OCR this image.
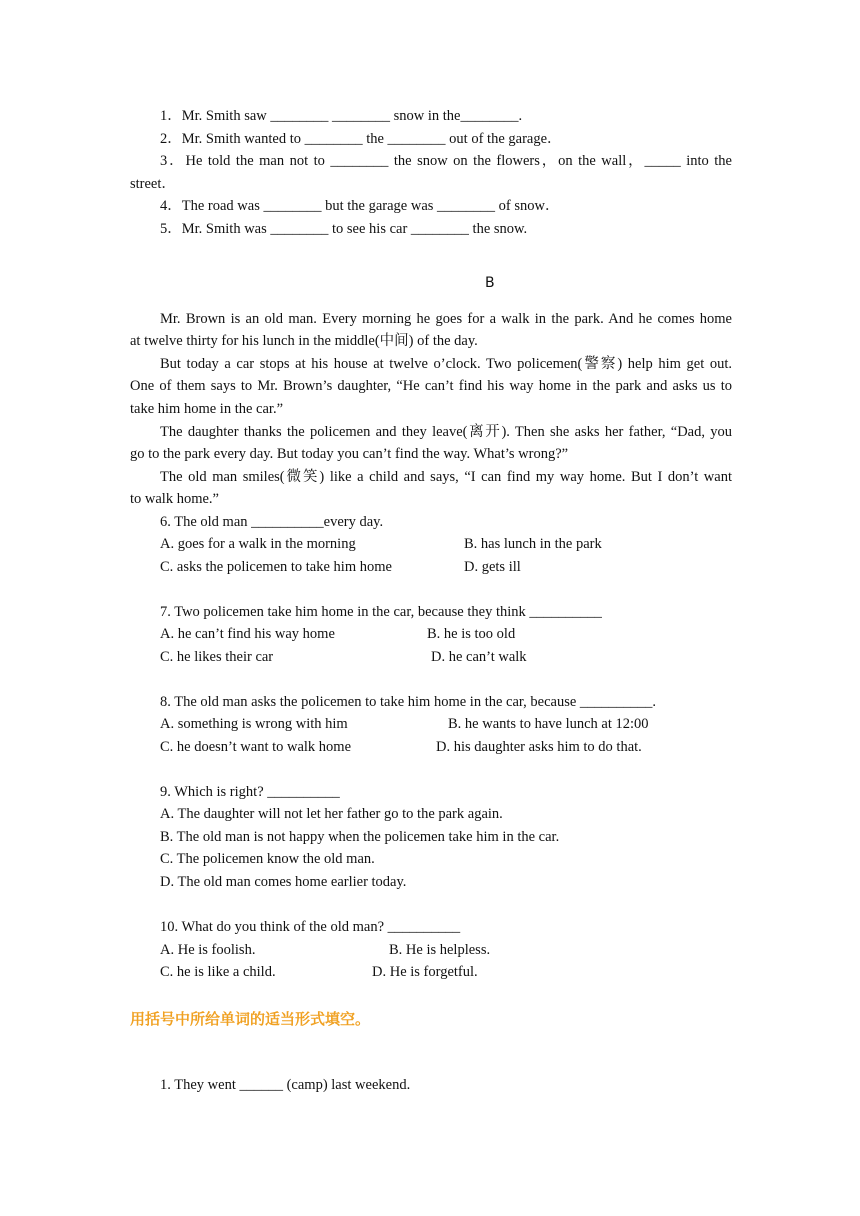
1．Mr. Smith saw ________ ________ snow in the________.
2．Mr. Smith wanted to ________ the ________ out of the garage．
3．He told the man not to ________ the snow on the flowers，on the wall，_____ into the
street．
4．The road was ________ but the garage was ________ of snow．
5．Mr. Smith was ________ to see his car ________ the snow.
B
Mr. Brown is an old man. Every morning he goes for a walk in the park. And he comes home
at twelve thirty for his lunch in the middle(中间) of the day.
But today a car stops at his house at twelve o’clock. Two policemen(警察) help him get out.
One of them says to Mr. Brown’s daughter, “He can’t find his way home in the park and asks us to
take him home in the car.”
The daughter thanks the policemen and they leave(离开). Then she asks her father, “Dad, you
go to the park every day. But today you can’t find the way. What’s wrong?”
The old man smiles(微笑) like a child and says, “I can find my way home. But I don’t want
to walk home.”
6. The old man __________every day.
A. goes for a walk in the morning	B. has lunch in the park
C. asks the policemen to take him home	D. gets ill
7. Two policemen take him home in the car, because they think __________
A. he can’t find his way home	B. he is too old
C. he likes their car	D. he can’t walk
8. The old man asks the policemen to take him home in the car, because __________.
A. something is wrong with him	B. he wants to have lunch at 12:00
C. he doesn’t want to walk home	D. his daughter asks him to do that.
9. Which is right? __________
A. The daughter will not let her father go to the park again.
B. The old man is not happy when the policemen take him in the car.
C. The policemen know the old man.
D. The old man comes home earlier today.
10. What do you think of the old man? __________
A. He is foolish.	B. He is helpless.
C. he is like a child.	D. He is forgetful.
用括号中所给单词的适当形式填空。
1. They went ______ (camp) last weekend.
